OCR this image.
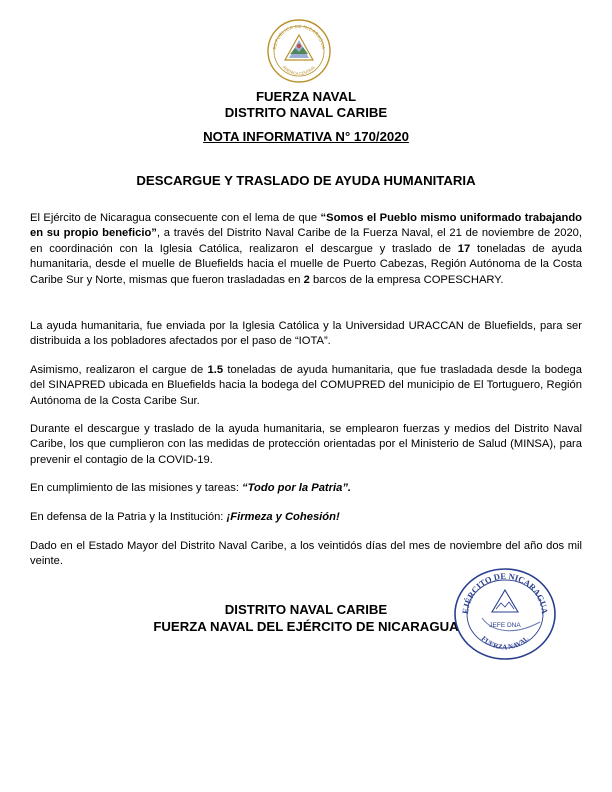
REPÚBLICA DE NICARAGUA
AMERICA CENTRAL
FUERZA NAVAL
DISTRITO NAVAL CARIBE
NOTA INFORMATIVA N° 170/2020
DESCARGUE Y TRASLADO DE AYUDA HUMANITARIA

El Ejército de Nicaragua consecuente con el lema de que “Somos el Pueblo mismo uniformado trabajando en su propio beneficio”, a través del Distrito Naval Caribe de la Fuerza Naval, el 21 de noviembre de 2020, en coordinación con la Iglesia Católica, realizaron el descargue y traslado de 17 toneladas de ayuda humanitaria, desde el muelle de Bluefields hacia el muelle de Puerto Cabezas, Región Autónoma de la Costa Caribe Sur y Norte, mismas que fueron trasladadas en 2 barcos de la empresa COPESCHARY.

La ayuda humanitaria, fue enviada por la Iglesia Católica y la Universidad URACCAN de Bluefields, para ser distribuida a los pobladores afectados por el paso de “IOTA”.

Asimismo, realizaron el cargue de 1.5 toneladas de ayuda humanitaria, que fue trasladada desde la bodega del SINAPRED ubicada en Bluefields hacia la bodega del COMUPRED del municipio de El Tortuguero, Región Autónoma de la Costa Caribe Sur.

Durante el descargue y traslado de la ayuda humanitaria, se emplearon fuerzas y medios del Distrito Naval Caribe, los que cumplieron con las medidas de protección orientadas por el Ministerio de Salud (MINSA), para prevenir el contagio de la COVID-19.

En cumplimiento de las misiones y tareas: “Todo por la Patria”.

En defensa de la Patria y la Institución: ¡Firmeza y Cohesión!

Dado en el Estado Mayor del Distrito Naval Caribe, a los veintidós días del mes de noviembre del año dos mil veinte.

DISTRITO NAVAL CARIBE
FUERZA NAVAL DEL EJÉRCITO DE NICARAGUA
EJÉRCITO DE NICARAGUA
JEFE DNA
FUERZA NAVAL
